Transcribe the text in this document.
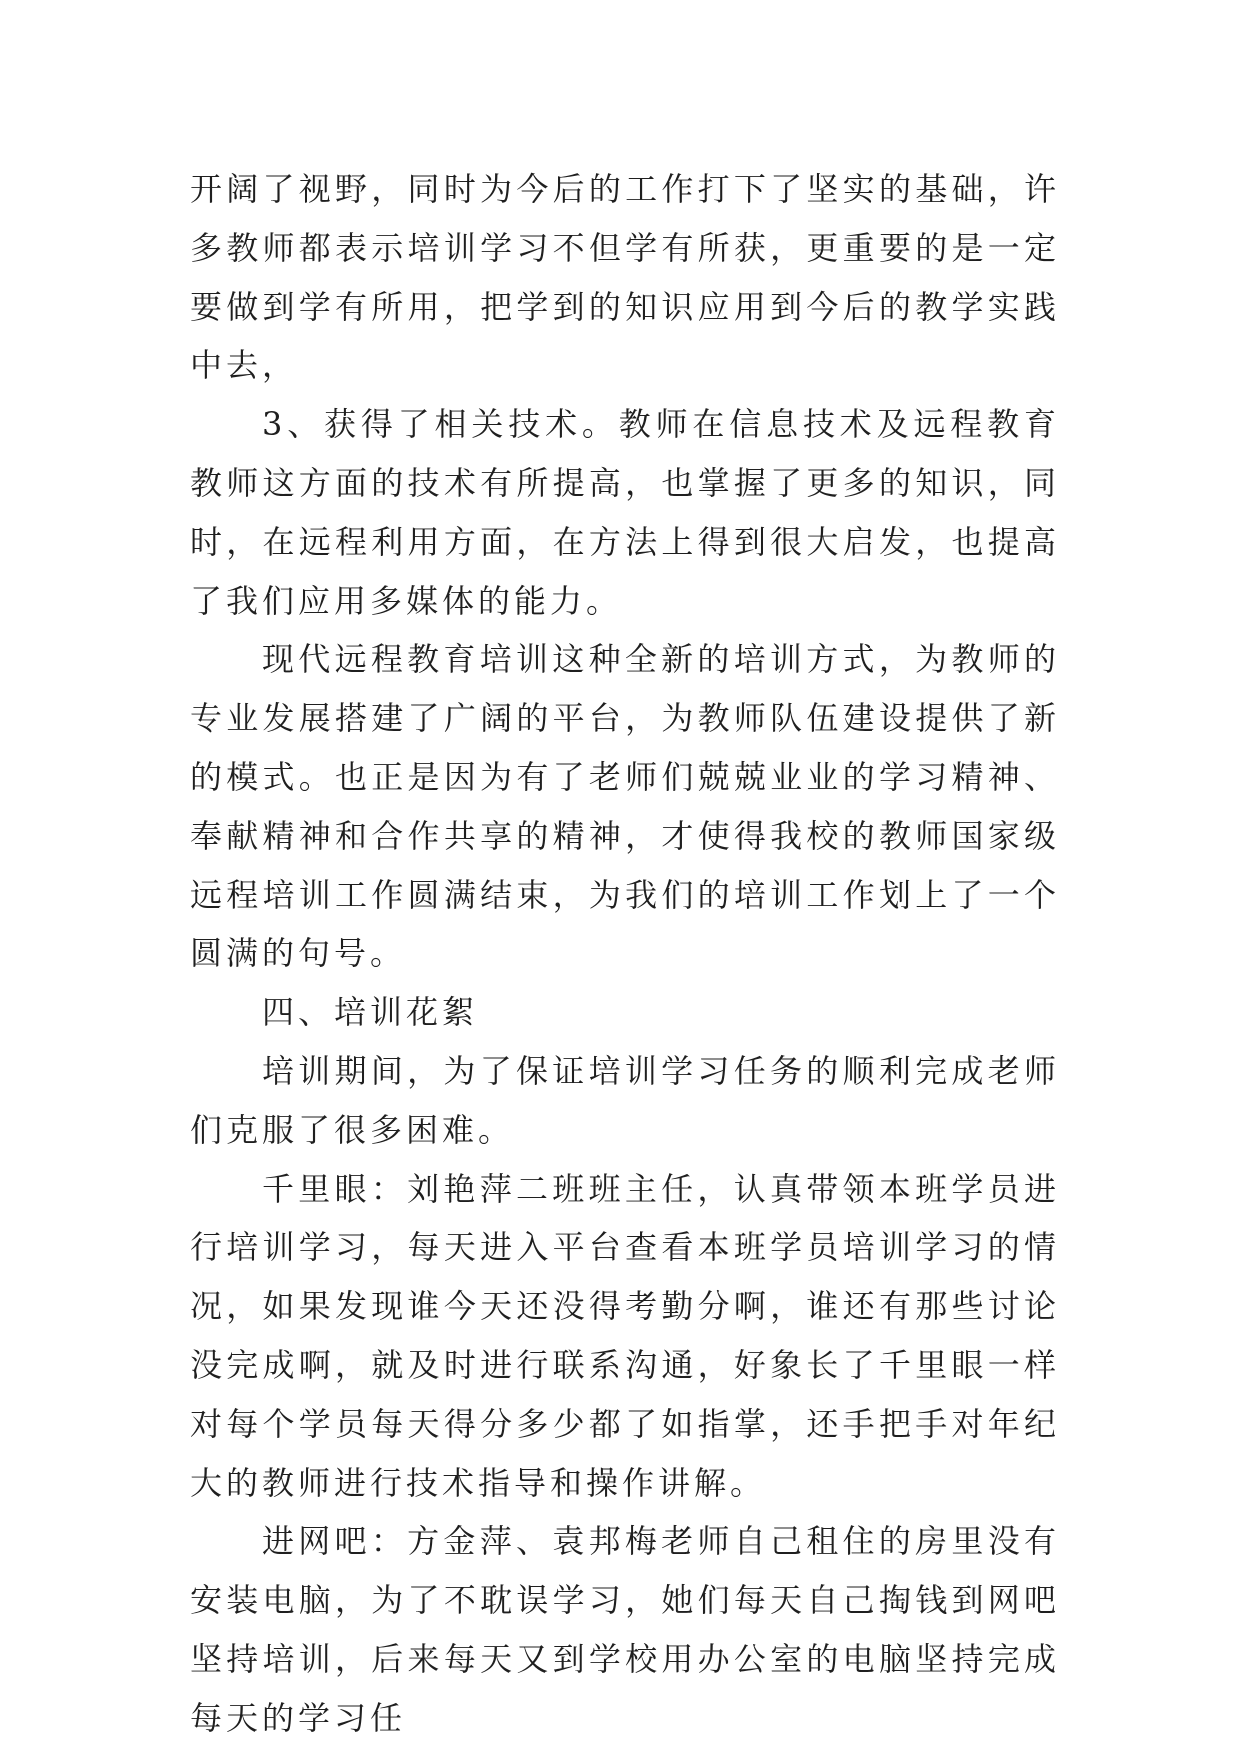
开阔了视野，同时为今后的工作打下了坚实的基础，许多教师都表示培训学习不但学有所获，更重要的是一定要做到学有所用，把学到的知识应用到今后的教学实践中去，

3、获得了相关技术。教师在信息技术及远程教育教师这方面的技术有所提高，也掌握了更多的知识，同时，在远程利用方面，在方法上得到很大启发，也提高了我们应用多媒体的能力。

现代远程教育培训这种全新的培训方式，为教师的专业发展搭建了广阔的平台，为教师队伍建设提供了新的模式。也正是因为有了老师们兢兢业业的学习精神、奉献精神和合作共享的精神，才使得我校的教师国家级远程培训工作圆满结束，为我们的培训工作划上了一个圆满的句号。

四、培训花絮

培训期间，为了保证培训学习任务的顺利完成老师们克服了很多困难。

千里眼：刘艳萍二班班主任，认真带领本班学员进行培训学习，每天进入平台查看本班学员培训学习的情况，如果发现谁今天还没得考勤分啊，谁还有那些讨论没完成啊，就及时进行联系沟通，好象长了千里眼一样对每个学员每天得分多少都了如指掌，还手把手对年纪大的教师进行技术指导和操作讲解。

进网吧：方金萍、袁邦梅老师自己租住的房里没有安装电脑，为了不耽误学习，她们每天自己掏钱到网吧坚持培训，后来每天又到学校用办公室的电脑坚持完成每天的学习任
